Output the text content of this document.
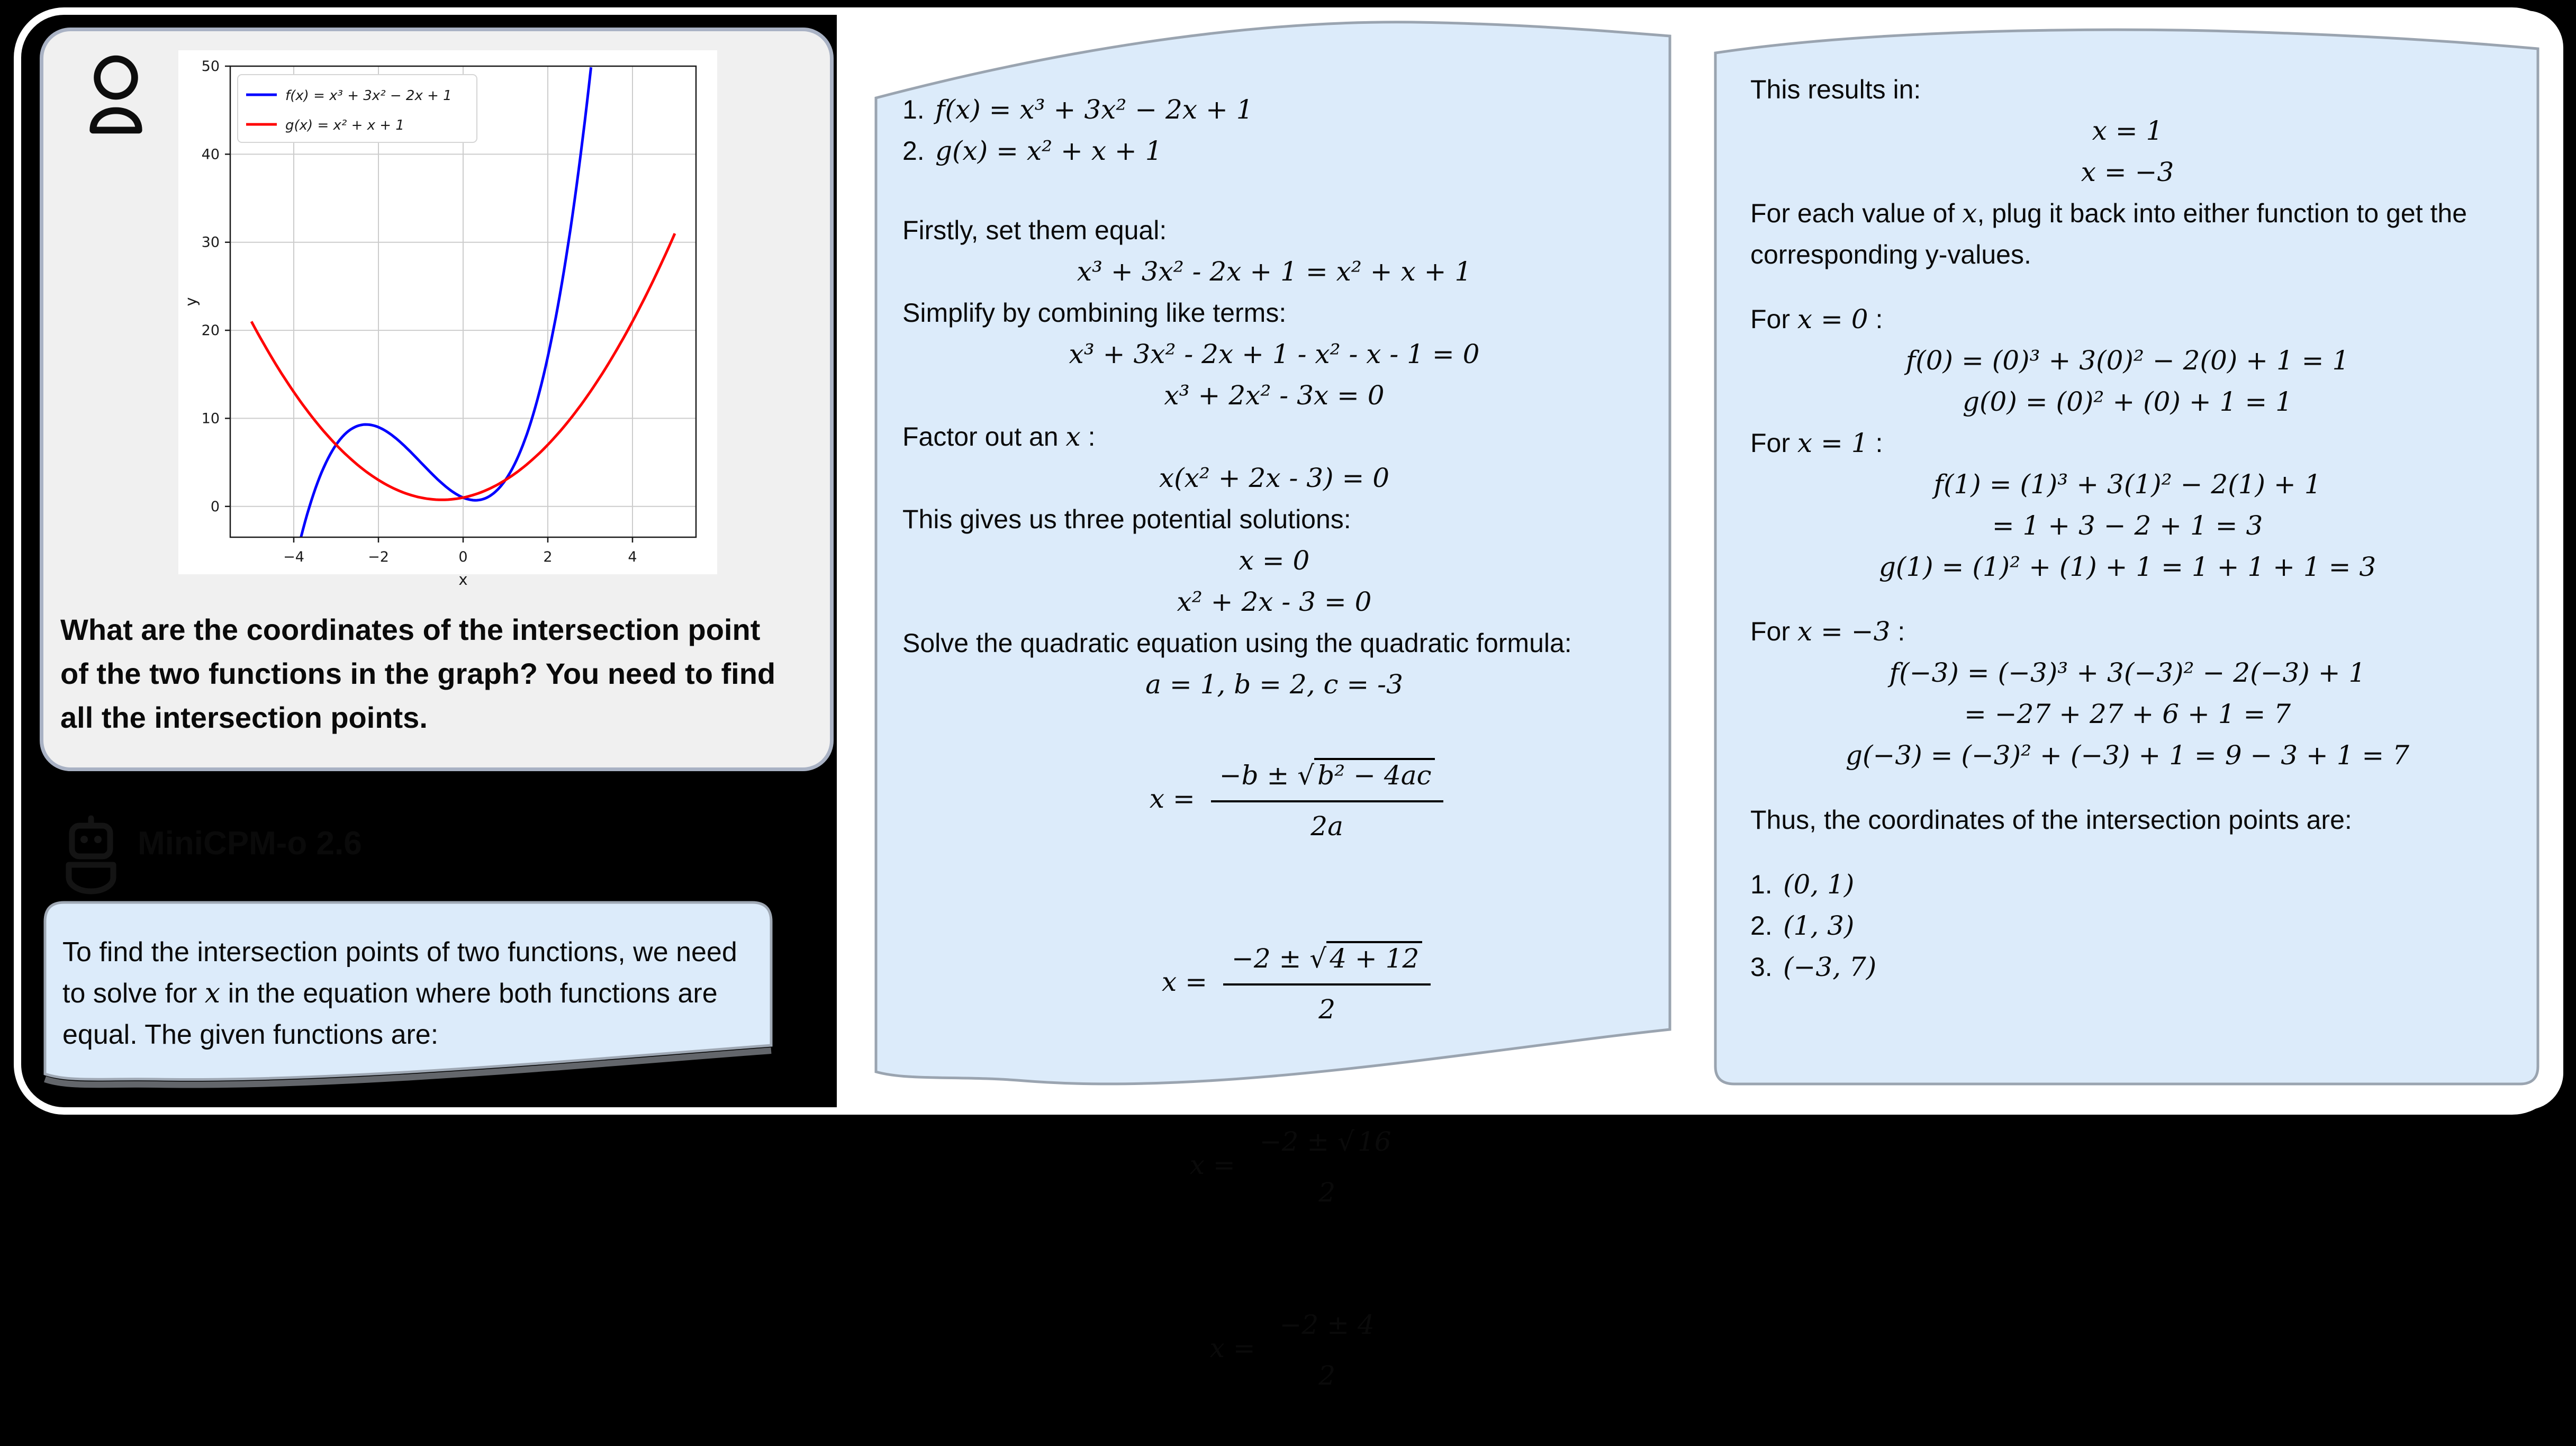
−4	−2	0	2	4
0
10
20
30
40
50
x
y
f(x) = x³ + 3x² − 2x + 1
g(x) = x² + x + 1
What are the coordinates of the intersection point of the two functions in the graph? You need to find all the intersection points.
MiniCPM-o 2.6
To find the intersection points of two functions, we need to solve for x in the equation where both functions are equal. The given functions are:
1. f(x) = x³ + 3x² − 2x + 1
2. g(x) = x² + x + 1
Firstly, set them equal:
x³ + 3x² - 2x + 1 = x² + x + 1
Simplify by combining like terms:
x³ + 3x² - 2x + 1 - x² - x - 1 = 0
x³ + 2x² - 3x = 0
Factor out an x :
x(x² + 2x - 3) = 0
This gives us three potential solutions:
x = 0
x² + 2x - 3 = 0
Solve the quadratic equation using the quadratic formula:
a = 1, b = 2, c = -3

$x = \frac{\text{−b ± √ b² − 4ac}}{2a}$

$x = \frac{-2 \pm √ 4 + 12}{2}$

$x = \frac{-2 \pm √ 16}{2}$

$x = \frac{-2 \pm 4}{2}$

This results in:
x = 1
x = −3
For each value of x, plug it back into either function to get the corresponding y-values.
For x = 0 :
f(0) = (0)³ + 3(0)² − 2(0) + 1 = 1
g(0) = (0)² + (0) + 1 = 1
For x = 1 :
f(1) = (1)³ + 3(1)² − 2(1) + 1
= 1 + 3 − 2 + 1 = 3
g(1) = (1)² + (1) + 1 = 1 + 1 + 1 = 3
For x = −3 :
f(−3) = (−3)³ + 3(−3)² − 2(−3) + 1
= −27 + 27 + 6 + 1 = 7
g(−3) = (−3)² + (−3) + 1 = 9 − 3 + 1 = 7
Thus, the coordinates of the intersection points are:
1. (0, 1)
2. (1, 3)
3. (−3, 7)
